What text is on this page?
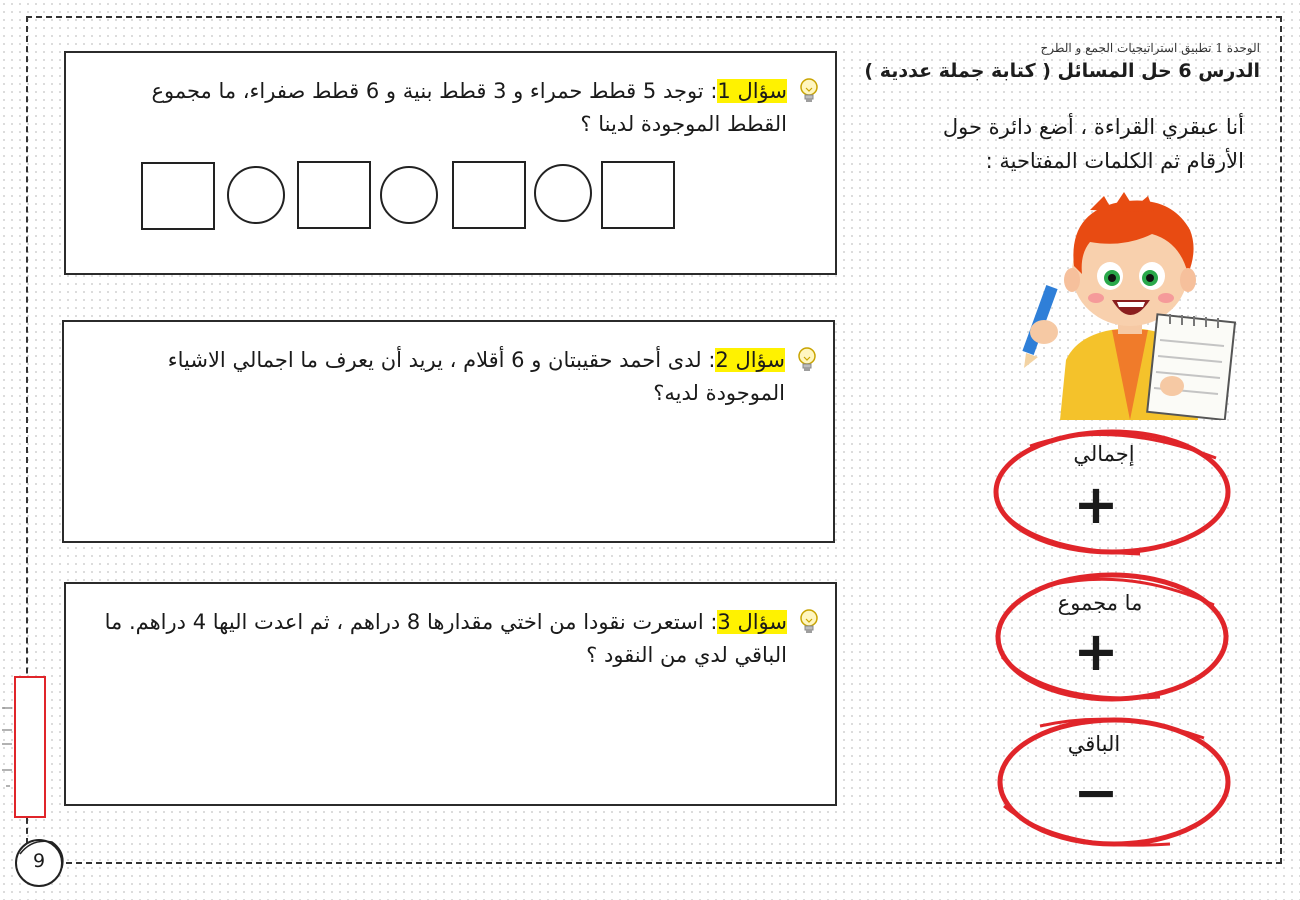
الوحدة 1 تطبيق استراتيجيات الجمع و الطرح
الدرس 6 حل المسائل ( كتابة جملة عددية )
أنا عبقري القراءة ، أضع دائرة حول
الأرقام ثم الكلمات المفتاحية :
سؤال 1: توجد 5 قطط حمراء و 3 قطط بنية و 6 قطط صفراء، ما مجموع القطط الموجودة لدينا ؟
سؤال 2: لدى أحمد حقيبتان و 6 أقلام ، يريد أن يعرف ما اجمالي الاشياء الموجودة لديه؟
سؤال 3: استعرت نقودا من اختي مقدارها 8 دراهم ، ثم اعدت اليها 4 دراهم. ما الباقي لدي من النقود ؟
إجمالي
+
ما مجموع
+
الباقي
−
9
